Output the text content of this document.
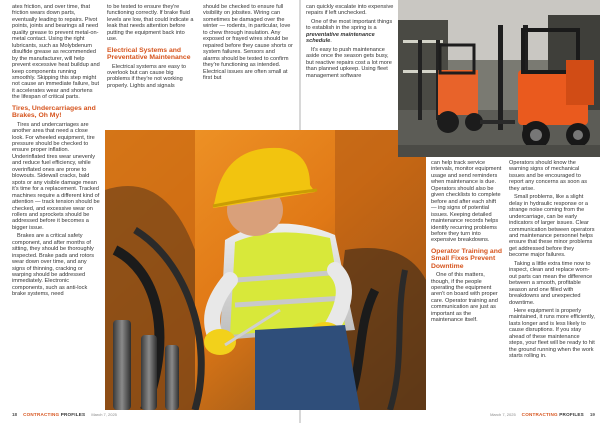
ates friction, and over time, that friction wears down parts, eventually leading to repairs. Pivot points, joints and bearings all need quality grease to prevent metal-on-metal contact. Using the right lubricants, such as Molybdenum disulfide grease as recommended by the manufacturer, will help prevent excessive heat buildup and keep components running smoothly. Skipping this step might not cause an immediate failure, but it accelerates wear and shortens the lifespan of critical parts.

Tires, Undercarriages and Brakes, Oh My!

Tires and undercarriages are another area that need a close look. For wheeled equipment, tire pressure should be checked to ensure proper inflation. Underinflated tires wear unevenly and reduce fuel efficiency, while overinflated ones are prone to blowouts. Sidewall cracks, bald spots or any visible damage mean it's time for a replacement. Tracked machines require a different kind of attention — track tension should be checked, and excessive wear on rollers and sprockets should be addressed before it becomes a bigger issue.

Brakes are a critical safety component, and after months of sitting, they should be thoroughly inspected. Brake pads and rotors wear down over time, and any signs of thinning, cracking or warping should be addressed immediately. Electronic components, such as anti-lock brake systems, need

to be tested to ensure they're functioning correctly. If brake fluid levels are low, that could indicate a leak that needs attention before putting the equipment back into use.

Electrical Systems and Preventative Maintenance

Electrical systems are easy to overlook but can cause big problems if they're not working properly. Lights and signals

should be checked to ensure full visibility on jobsites. Wiring can sometimes be damaged over the winter — rodents, in particular, love to chew through insulation. Any exposed or frayed wires should be repaired before they cause shorts or system failures. Sensors and alarms should be tested to confirm they're functioning as intended. Electrical issues are often small at first but

can quickly escalate into expensive repairs if left unchecked.

One of the most important things to establish in the spring is a preventative maintenance schedule.

It's easy to push maintenance aside once the season gets busy, but reactive repairs cost a lot more than planned upkeep. Using fleet management software

can help track service intervals, monitor equipment usage and send reminders when maintenance is due. Operators should also be given checklists to complete before and after each shift — ing signs of potential issues. Keeping detailed maintenance records helps identify recurring problems before they turn into expensive breakdowns.

Operator Training and Small Fixes Prevent Downtime

One of this matters, though, if the people operating the equipment aren't on board with proper care. Operator training and communication are just as important as the maintenance itself.

Operators should know the warning signs of mechanical issues and be encouraged to report any concerns as soon as they arise.

Small problems, like a slight delay in hydraulic response or a strange noise coming from the undercarriage, can be early indicators of larger issues. Clear communication between operators and maintenance personnel helps ensure that these minor problems get addressed before they become major failures.

Taking a little extra time now to inspect, clean and replace worn-out parts can mean the difference between a smooth, profitable season and one filled with breakdowns and unexpected downtime.

Here equipment is properly maintained, it runs more efficiently, lasts longer and is less likely to cause disruptions. If you stay ahead of these maintenance steps, your fleet will be ready to hit the ground running when the work starts rolling in.

18 CONTRACTING PROFILES March 7, 2025	March 7, 2025 CONTRACTING PROFILES 19
